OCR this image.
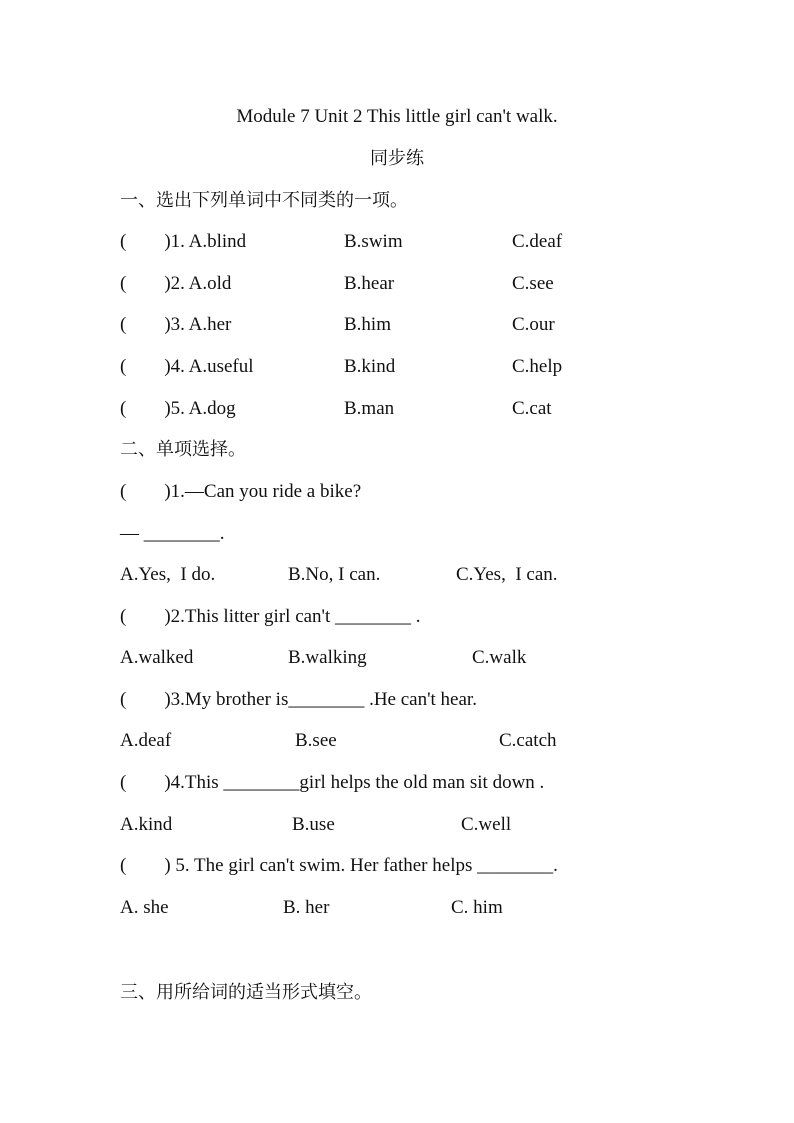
Module 7 Unit 2 This little girl can't walk.
同步练
一、选出下列单词中不同类的一项。
(        )1. A.blind	B.swim	C.deaf
(        )2. A.old	B.hear	C.see
(        )3. A.her	B.him	C.our
(        )4. A.useful	B.kind	C.help
(        )5. A.dog	B.man	C.cat
二、单项选择。
(        )1.—Can you ride a bike?
— ________.
A.Yes,  I do.	B.No, I can.	C.Yes,  I can.
(        )2.This litter girl can't ________ .
A.walked	B.walking	C.walk
(        )3.My brother is________ .He can't hear.
A.deaf	B.see	C.catch
(        )4.This ________girl helps the old man sit down .
A.kind	B.use	C.well
(        ) 5. The girl can't swim. Her father helps ________.
A. she	B. her	C. him
三、用所给词的适当形式填空。
